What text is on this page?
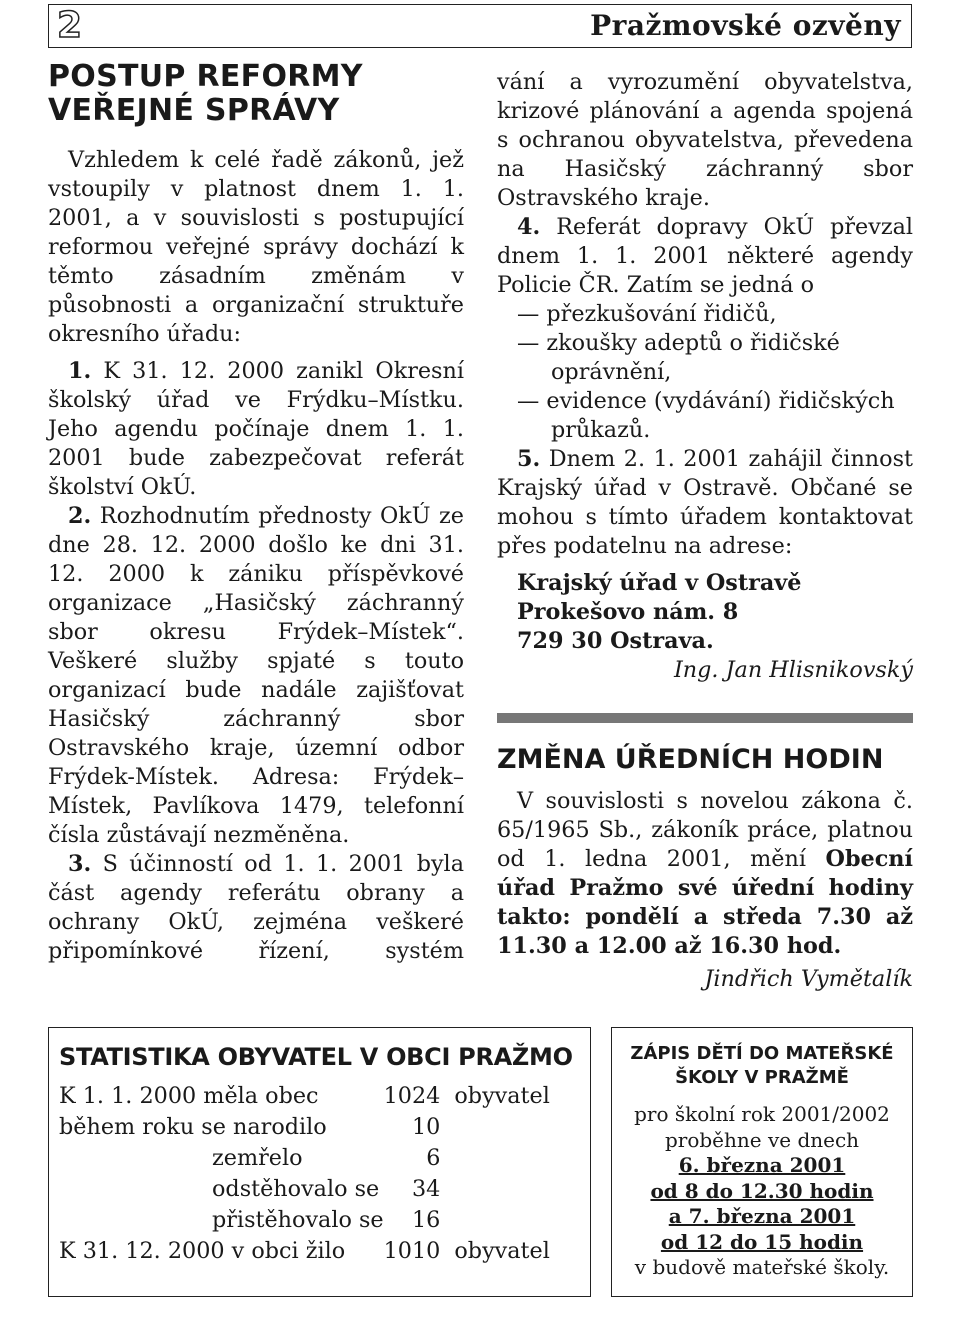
2	Pražmovské ozvěny
POSTUP REFORMY
VEŘEJNÉ SPRÁVY

Vzhledem k celé řadě zákonů, jež vstoupily v platnost dnem 1. 1. 2001, a v souvislosti s postupující reformou veřejné správy dochází k těmto zásadním změnám v působnosti a organizační struktuře okresního úřadu:

1. K 31. 12. 2000 zanikl Okresní školský úřad ve Frýdku–Místku. Jeho agendu počínaje dnem 1. 1. 2001 bude zabezpečovat referát školství OkÚ.

2. Rozhodnutím přednosty OkÚ ze dne 28. 12. 2000 došlo ke dni 31. 12. 2000 k zániku příspěvkové organizace „Hasičský záchranný sbor okresu Frýdek–Místek“. Veškeré služby spjaté s touto organizací bude nadále zajišťovat Hasičský záchranný sbor Ostravského kraje, územní odbor Frýdek-Místek. Adresa: Frýdek–Místek, Pavlíkova 1479, telefonní čísla zůstávají nezměněna.

3. S účinností od 1. 1. 2001 byla část agendy referátu obrany a ochrany OkÚ, zejména veškeré připomínkové řízení, systém

vání a vyrozumění obyvatelstva, krizové plánování a agenda spojená s ochranou obyvatelstva, převedena na Hasičský záchranný sbor Ostravského kraje.

4. Referát dopravy OkÚ převzal dnem 1. 1. 2001 některé agendy Policie ČR. Zatím se jedná o

— přezkušování řidičů,

— zkoušky adeptů o řidičské oprávnění,

— evidence (vydávání) řidičských průkazů.

5. Dnem 2. 1. 2001 zahájil činnost Krajský úřad v Ostravě. Občané se mohou s tímto úřadem kontaktovat přes podatelnu na adrese:

Krajský úřad v Ostravě

Prokešovo nám. 8

729 30 Ostrava.

Ing. Jan Hlisnikovský

ZMĚNA ÚŘEDNÍCH HODIN

V souvislosti s novelou zákona č. 65/1965 Sb., zákoník práce, platnou od 1. ledna 2001, mění Obecní úřad Pražmo své úřední hodiny takto: pondělí a středa 7.30 až 11.30 a 12.00 až 16.30 hod.

Jindřich Vymětalík

STATISTIKA OBYVATEL V OBCI PRAŽMO
K 1. 1. 2000 měla obec	1024	obyvatel
během roku se narodilo	10	
zemřelo	6	
odstěhovalo se	34	
přistěhovalo se	16	
K 31. 12. 2000 v obci žilo	1010	obyvatel
ZÁPIS DĚTÍ DO MATEŘSKÉ
ŠKOLY V PRAŽMĚ
pro školní rok 2001/2002
proběhne ve dnech
6. března 2001
od 8 do 12.30 hodin
a 7. března 2001
od 12 do 15 hodin
v budově mateřské školy.
